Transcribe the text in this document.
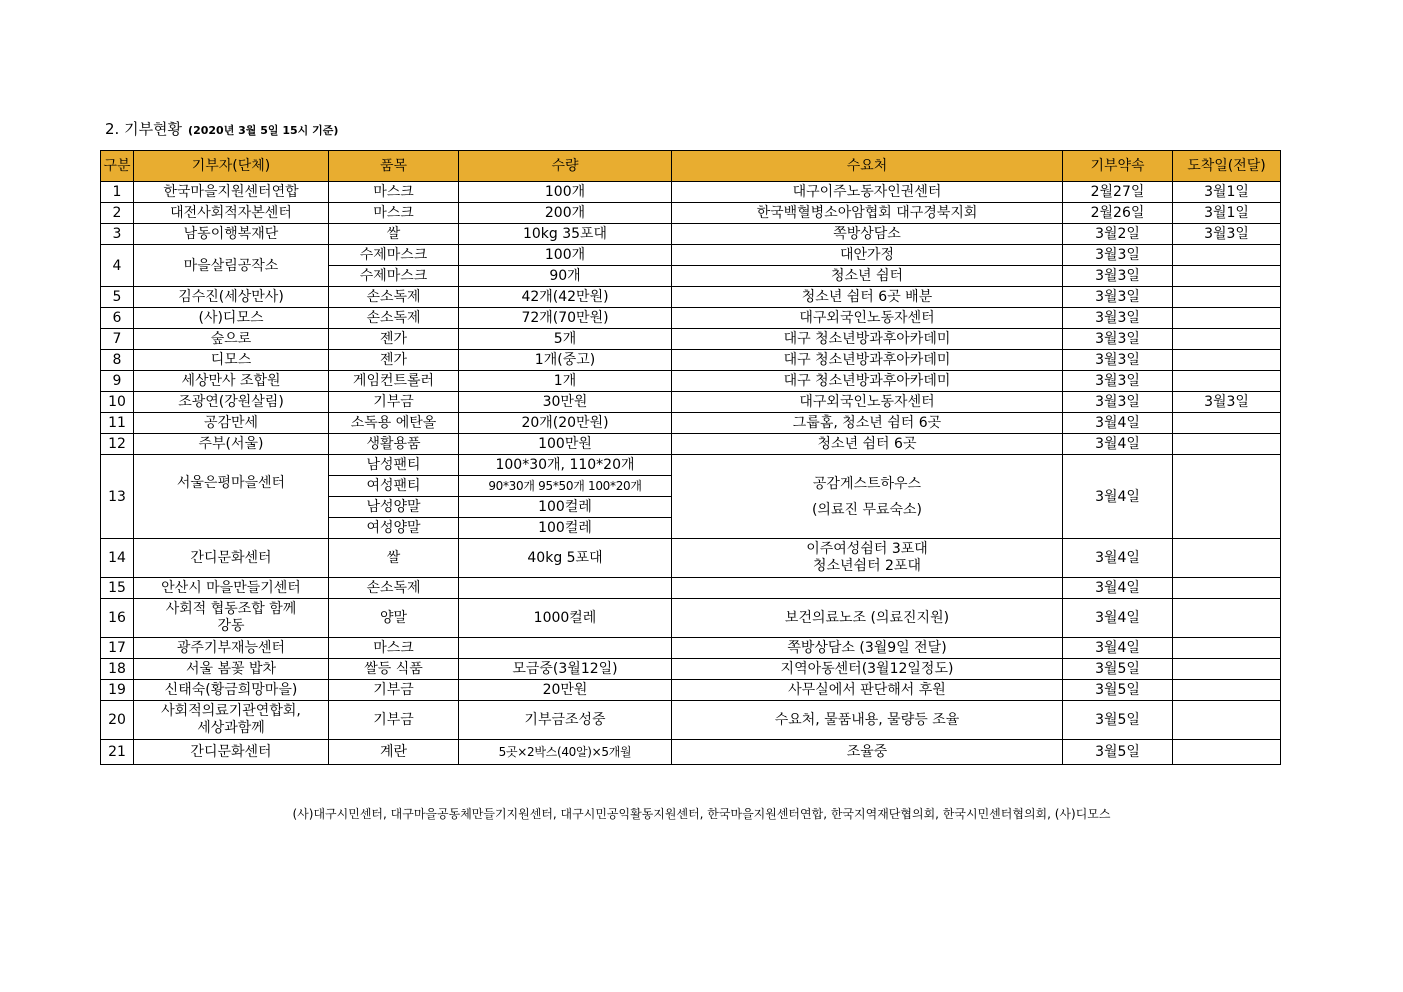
2. 기부현황 (2020년 3월 5일 15시 기준)
구분	기부자(단체)	품목	수량	수요처	기부약속	도착일(전달)
1	한국마을지원센터연합	마스크	100개	대구이주노동자인권센터	2월27일	3월1일
2	대전사회적자본센터	마스크	200개	한국백혈병소아암협회 대구경북지회	2월26일	3월1일
3	남동이행복재단	쌀	10kg 35포대	쪽방상담소	3월2일	3월3일
4	마을살림공작소	수제마스크	100개	대안가정	3월3일	
		수제마스크	90개	청소년 쉼터	3월3일	
5	김수진(세상만사)	손소독제	42개(42만원)	청소년 쉼터 6곳 배분	3월3일	
6	(사)디모스	손소독제	72개(70만원)	대구외국인노동자센터	3월3일	
7	숲으로	젠가	5개	대구 청소년방과후아카데미	3월3일	
8	디모스	젠가	1개(중고)	대구 청소년방과후아카데미	3월3일	
9	세상만사 조합원	게임컨트롤러	1개	대구 청소년방과후아카데미	3월3일	
10	조광연(강원살림)	기부금	30만원	대구외국인노동자센터	3월3일	3월3일
11	공감만세	소독용 에탄올	20개(20만원)	그룹홈, 청소년 쉼터 6곳	3월4일	
12	주부(서울)	생활용품	100만원	청소년 쉼터 6곳	3월4일	
13	서울은평마을센터	남성팬티	100*30개, 110*20개	공감게스트하우스
(의료진 무료숙소)	3월4일	
		여성팬티	90*30개 95*50개 100*20개			
		남성양말	100컬레			
		여성양말	100컬레			
14	간디문화센터	쌀	40kg 5포대	이주여성쉼터 3포대
청소년쉼터 2포대	3월4일	
15	안산시 마을만들기센터	손소독제			3월4일	
16	사회적 협동조합 함께
강동	양말	1000컬레	보건의료노조 (의료진지원)	3월4일	
17	광주기부재능센터	마스크		쪽방상담소 (3월9일 전달)	3월4일	
18	서울 봄꽃 밥차	쌀등 식품	모금중(3월12일)	지역아동센터(3월12일정도)	3월5일	
19	신태숙(황금희망마을)	기부금	20만원	사무실에서 판단해서 후원	3월5일	
20	사회적의료기관연합회,
세상과함께	기부금	기부금조성중	수요처, 물품내용, 물량등 조율	3월5일	
21	간디문화센터	계란	5곳×2박스(40알)×5개월	조율중	3월5일	
(사)대구시민센터, 대구마을공동체만들기지원센터, 대구시민공익활동지원센터, 한국마을지원센터연합, 한국지역재단협의회, 한국시민센터협의회, (사)디모스
